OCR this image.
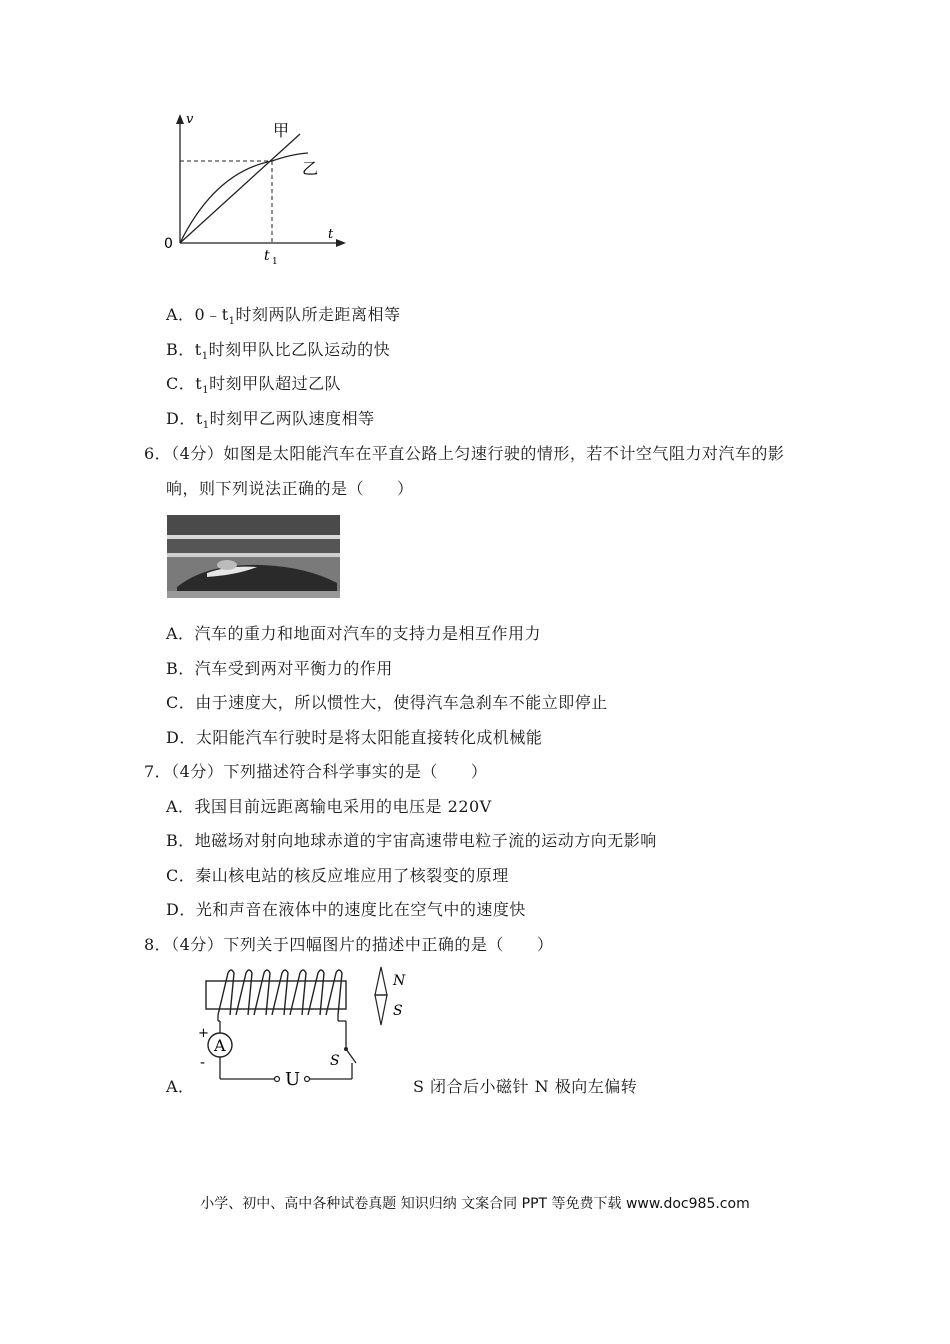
v
t
0
t 1
甲
乙
A．$0﹣t_1$时刻两队所走距离相等
B．$t_1$时刻甲队比乙队运动的快
C．$t_1$时刻甲队超过乙队
D．$t_1$时刻甲乙两队速度相等
6．（4分）如图是太阳能汽车在平直公路上匀速行驶的情形，若不计空气阻力对汽车的影
响，则下列说法正确的是（　　）
A．汽车的重力和地面对汽车的支持力是相互作用力
B．汽车受到两对平衡力的作用
C．由于速度大，所以惯性大，使得汽车急刹车不能立即停止
D．太阳能汽车行驶时是将太阳能直接转化成机械能
7．（4分）下列描述符合科学事实的是（　　）
A．我国目前远距离输电采用的电压是 220V
B．地磁场对射向地球赤道的宇宙高速带电粒子流的运动方向无影响
C．秦山核电站的核反应堆应用了核裂变的原理
D．光和声音在液体中的速度比在空气中的速度快
8．（4分）下列关于四幅图片的描述中正确的是（　　）
A
+
-
U
S
N
S
A．	S 闭合后小磁针 N 极向左偏转
小学、初中、高中各种试卷真题 知识归纳 文案合同 PPT 等免费下载 www.doc985.com
